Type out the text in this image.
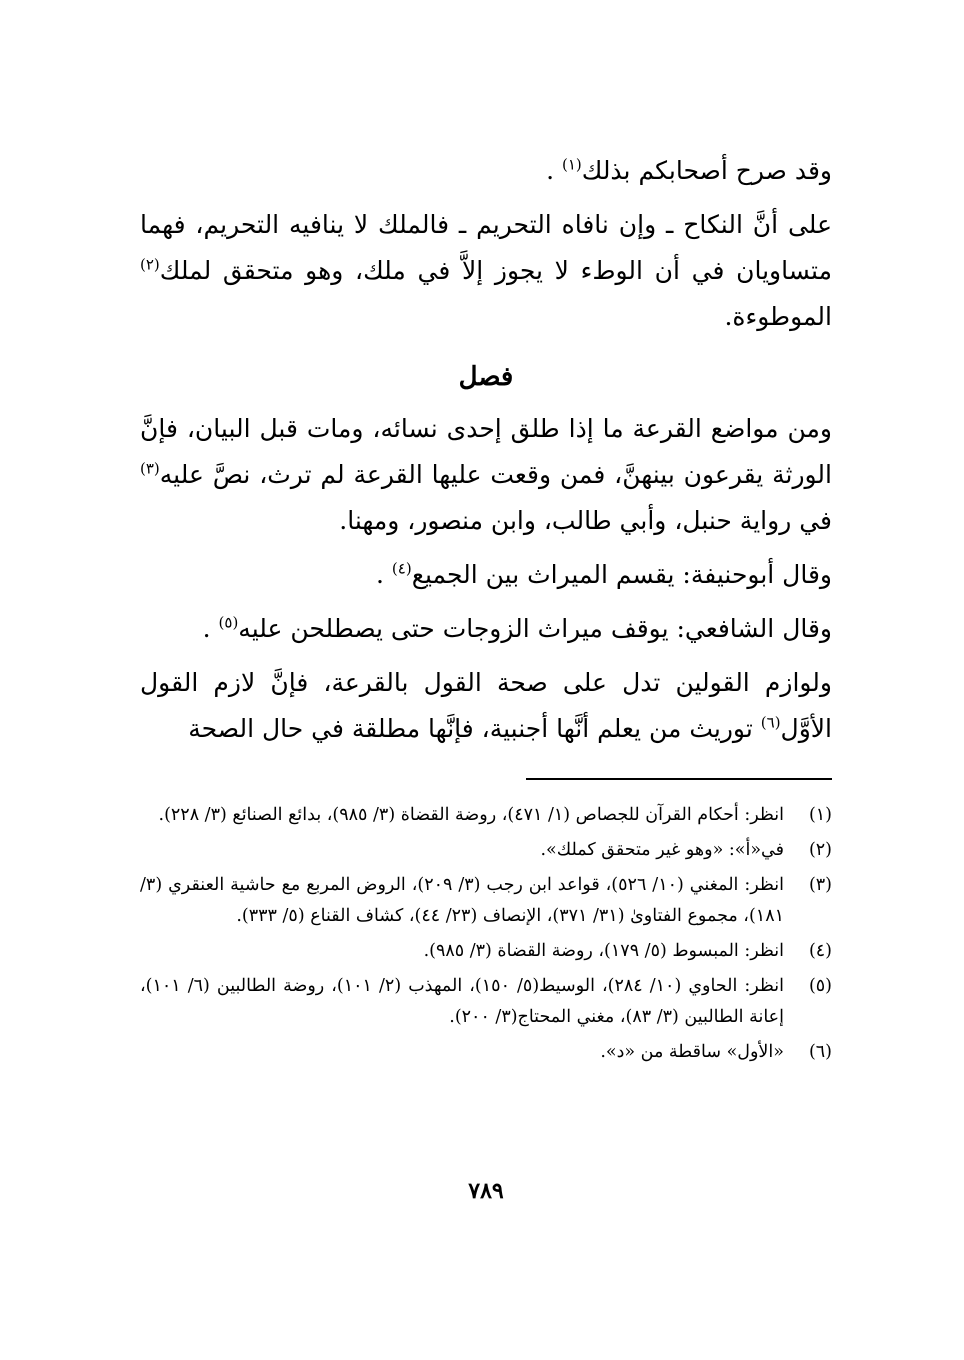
وقد صرح أصحابكم بذلك$^{(١)}$ .

على أنَّ النكاح ـ وإن نافاه التحريم ـ فالملك لا ينافيه التحريم، فهما متساويان في أن الوطء لا يجوز إلاَّ في ملك، وهو متحقق لملك$^{(٢)}$ الموطوءة.

فصل

ومن مواضع القرعة ما إذا طلق إحدى نسائه، ومات قبل البيان، فإنَّ الورثة يقرعون بينهنَّ، فمن وقعت عليها القرعة لم ترث، نصَّ عليه$^{(٣)}$ في رواية حنبل، وأبي طالب، وابن منصور، ومهنا.

وقال أبوحنيفة: يقسم الميراث بين الجميع$^{(٤)}$ .

وقال الشافعي: يوقف ميراث الزوجات حتى يصطلحن عليه$^{(٥)}$ .

ولوازم القولين تدل على صحة القول بالقرعة، فإنَّ لازم القول الأوَّل$^{(٦)}$ توريث من يعلم أنَّها أجنبية، فإنَّها مطلقة في حال الصحة

(١)
انظر: أحكام القرآن للجصاص (١/ ٤٧١)، روضة القضاة (٣/ ٩٨٥)، بدائع الصنائع (٣/ ٢٢٨).
(٢)
في«أ»: «وهو غير متحقق كملك».
(٣)
انظر: المغني (١٠/ ٥٢٦)، قواعد ابن رجب (٣/ ٢٠٩)، الروض المربع مع حاشية العنقري (٣/ ١٨١)، مجموع الفتاوىٰ (٣١/ ٣٧١)، الإنصاف (٢٣/ ٤٤)، كشاف القناع (٥/ ٣٣٣).
(٤)
انظر: المبسوط (٥/ ١٧٩)، روضة القضاة (٣/ ٩٨٥).
(٥)
انظر: الحاوي (١٠/ ٢٨٤)، الوسيط(٥/ ١٥٠)، المهذب (٢/ ١٠١)، روضة الطالبين (٦/ ١٠١)، إعانة الطالبين (٣/ ٨٣)، مغني المحتاج(٣/ ٢٠٠).
(٦)
«الأول» ساقطة من «د».
٧٨٩
